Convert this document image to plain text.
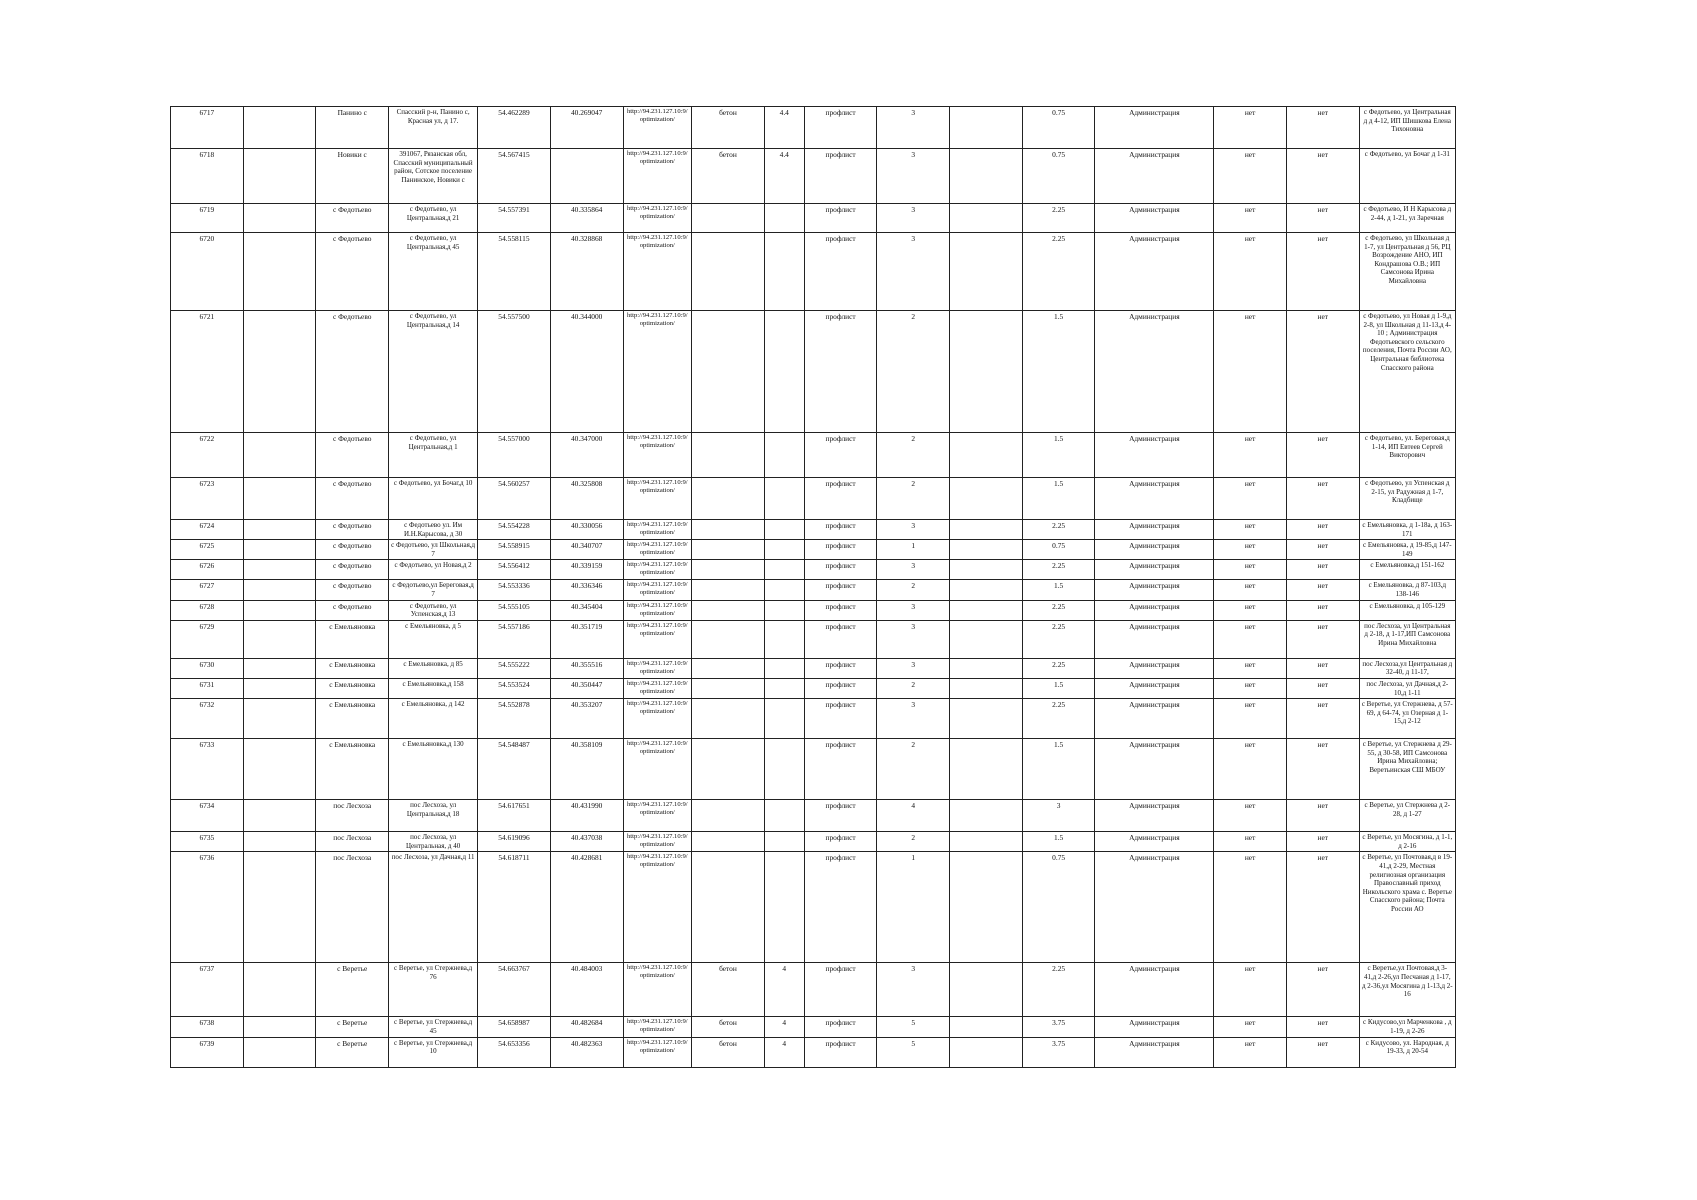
6717		Панино с	Спасский р-н, Панино с, Красная ул, д 17.	54.462289	40.269047	http://94.231.127.10:9/optimization/	бетон	4.4	профлист	3		0.75	Администрация	нет	нет	с Федотьево, ул Центральная д д 4-12, ИП Шишкова Елена Тихоновна
6718		Новики с	391067, Рязанская обл, Спасский муниципальный район, Сотское поселение Панинское, Новики с	54.567415		http://94.231.127.10:9/optimization/	бетон	4.4	профлист	3		0.75	Администрация	нет	нет	с Федотьево, ул Бочаг д 1-31
6719		с Федотьево	с Федотьево, ул Центральная,д 21	54.557391	40.335864	http://94.231.127.10:9/optimization/			профлист	3		2.25	Администрация	нет	нет	с Федотьево, И Н Карысова д 2-44, д 1-21, ул Заречная
6720		с Федотьево	с Федотьево, ул Центральная,д 45	54.558115	40.328868	http://94.231.127.10:9/optimization/			профлист	3		2.25	Администрация	нет	нет	с Федотьево, ул Школьная д 1-7, ул Центральная д 56, РЦ Возрождение АНО, ИП Кондрашова О.В.; ИП Самсонова Ирина Михайловна
6721		с Федотьево	с Федотьево, ул Центральная,д 14	54.557500	40.344000	http://94.231.127.10:9/optimization/			профлист	2		1.5	Администрация	нет	нет	с Федотьево, ул Новая д 1-9,д 2-8, ул Школьная д 11-13,д 4-10 ; Администрация Федотьевского сельского поселения, Почта России АО, Центральная библиотека Спасского района
6722		с Федотьево	с Федотьево, ул Центральная,д 1	54.557000	40.347000	http://94.231.127.10:9/optimization/			профлист	2		1.5	Администрация	нет	нет	с Федотьево, ул. Береговая,д 1-14, ИП Евтеев Сергей Викторович
6723		с Федотьево	с Федотьево, ул Бочаг,д 10	54.560257	40.325808	http://94.231.127.10:9/optimization/			профлист	2		1.5	Администрация	нет	нет	с Федотьево, ул Успенская д 2-15, ул Радужная д 1-7, Кладбище
6724		с Федотьево	с Федотьево ул. Им И.Н.Карысова, д 30	54.554228	40.330056	http://94.231.127.10:9/optimization/			профлист	3		2.25	Администрация	нет	нет	с Емельяновка, д 1-18а, д 163-171
6725		с Федотьево	с Федотьево, ул Школьная,д 7	54.558915	40.340707	http://94.231.127.10:9/optimization/			профлист	1		0.75	Администрация	нет	нет	с Емельяновка, д 19-85,д 147-149
6726		с Федотьево	с Федотьево, ул Новая,д 2	54.556412	40.339159	http://94.231.127.10:9/optimization/			профлист	3		2.25	Администрация	нет	нет	с Емельяновка,д 151-162
6727		с Федотьево	с Федотьево,ул Береговая,д 7	54.553336	40.336346	http://94.231.127.10:9/optimization/			профлист	2		1.5	Администрация	нет	нет	с Емельяновка, д 87-103,д 138-146
6728		с Федотьево	с Федотьево, ул Успенская,д 13	54.555105	40.345404	http://94.231.127.10:9/optimization/			профлист	3		2.25	Администрация	нет	нет	с Емельяновка, д 105-129
6729		с Емельяновка	с Емельяновка, д 5	54.557186	40.351719	http://94.231.127.10:9/optimization/			профлист	3		2.25	Администрация	нет	нет	пос Лесхоза, ул Центральная д 2-18, д 1-17,ИП Самсонова Ирина Михайловна
6730		с Емельяновка	с Емельяновка, д 85	54.555222	40.355516	http://94.231.127.10:9/optimization/			профлист	3		2.25	Администрация	нет	нет	пос Лесхоза,ул Центральная д 32-40, д 11-17,
6731		с Емельяновка	с Емельяновка,д 158	54.553524	40.350447	http://94.231.127.10:9/optimization/			профлист	2		1.5	Администрация	нет	нет	пос Лесхоза, ул Дачная,д 2-10,д 1-11
6732		с Емельяновка	с Емельяновка, д 142	54.552878	40.353207	http://94.231.127.10:9/optimization/			профлист	3		2.25	Администрация	нет	нет	с Веретье, ул Стержнева, д 57-69, д 64-74, ул Озерная д 1-15,д 2-12
6733		с Емельяновка	с Емельяновка,д 130	54.548487	40.358109	http://94.231.127.10:9/optimization/			профлист	2		1.5	Администрация	нет	нет	с Веретье, ул Стержнева д 29-55, д 30-58, ИП Самсонова Ирина Михайловна; Веретьинская СШ МБОУ
6734		пос Лесхоза	пос Лесхоза, ул Центральная,д 18	54.617651	40.431990	http://94.231.127.10:9/optimization/			профлист	4		3	Администрация	нет	нет	с Веретье, ул Стержнева д 2-28, д 1-27
6735		пос Лесхоза	пос Лесхоза, ул Центральная, д 40	54.619096	40.437038	http://94.231.127.10:9/optimization/			профлист	2		1.5	Администрация	нет	нет	с Веретье, ул Мосягина, д 1-1, д 2-16
6736		пос Лесхоза	пос Лесхоза, ул Дачная,д 11	54.618711	40.428681	http://94.231.127.10:9/optimization/			профлист	1		0.75	Администрация	нет	нет	с Веретье, ул Почтовая,д в 19-41,д 2-29, Местная религиозная организация Православный приход Никольского храма с. Веретье Спасского района; Почта России АО
6737		с Веретье	с Веретье, ул Стержнева,д 76	54.663767	40.484003	http://94.231.127.10:9/optimization/	бетон	4	профлист	3		2.25	Администрация	нет	нет	с Веретье,ул Почтовая,д 3-41,д 2-26,ул Песчаная д 1-17, д 2-36,ул Мосягина д 1-13,д 2-16
6738		с Веретье	с Веретье, ул Стержнева,д 45	54.658987	40.482684	http://94.231.127.10:9/optimization/	бетон	4	профлист	5		3.75	Администрация	нет	нет	с Кидусово,ул Марченкова , д 1-19, д 2-26
6739		с Веретье	с Веретье, ул Стержнева,д 10	54.653356	40.482363	http://94.231.127.10:9/optimization/	бетон	4	профлист	5		3.75	Администрация	нет	нет	с Кидусово, ул. Народная, д 19-33, д 20-54
